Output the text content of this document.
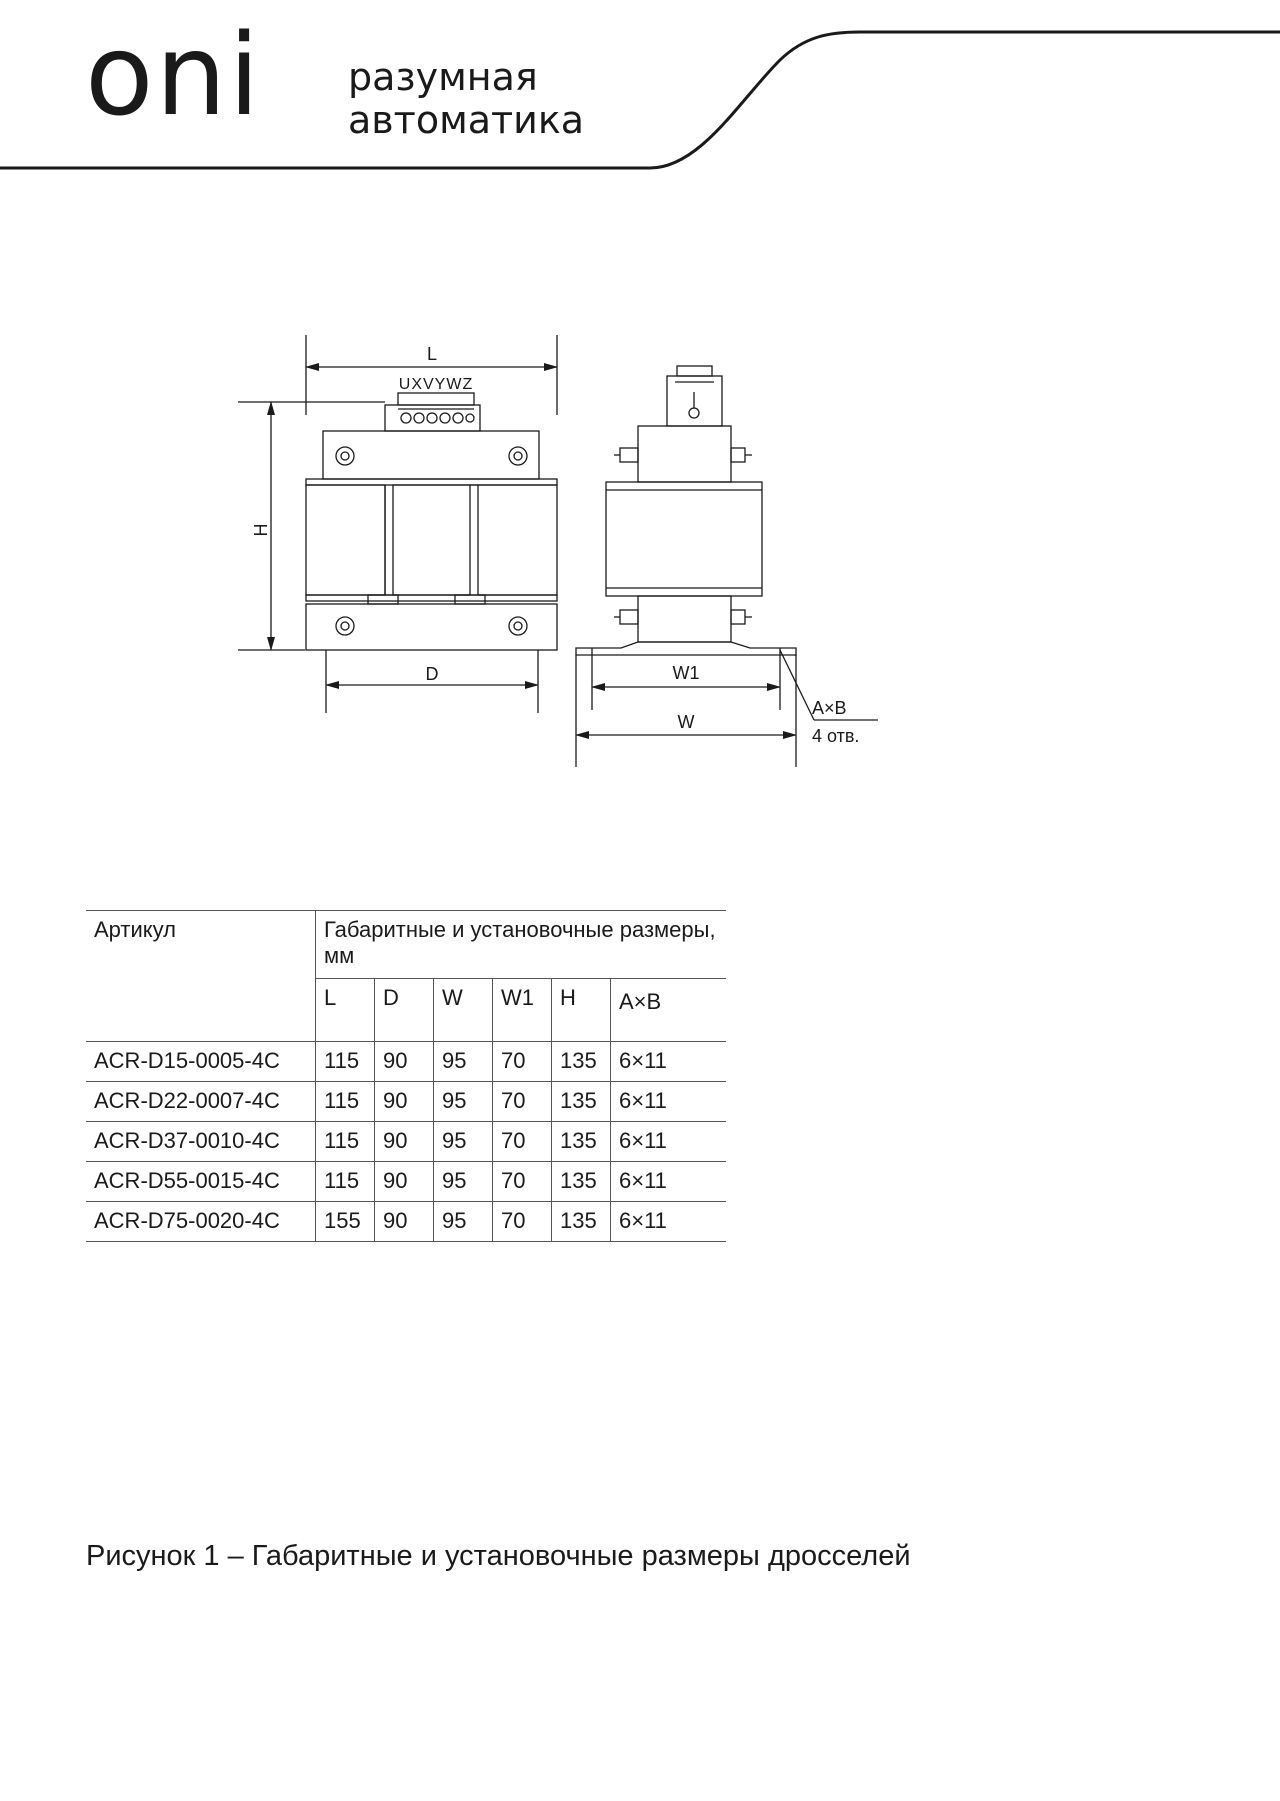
oni разумная
автоматика
L
UXVYWZ
H
D	W1
W
A×B
4 отв.
Артикул	Габаритные и установочные размеры, мм					
	L	D	W	W1	H	A×B
ACR-D15-0005-4C	115	90	95	70	135	6×11
ACR-D22-0007-4C	115	90	95	70	135	6×11
ACR-D37-0010-4C	115	90	95	70	135	6×11
ACR-D55-0015-4C	115	90	95	70	135	6×11
ACR-D75-0020-4C	155	90	95	70	135	6×11
Рисунок 1 – Габаритные и установочные размеры дросселей
